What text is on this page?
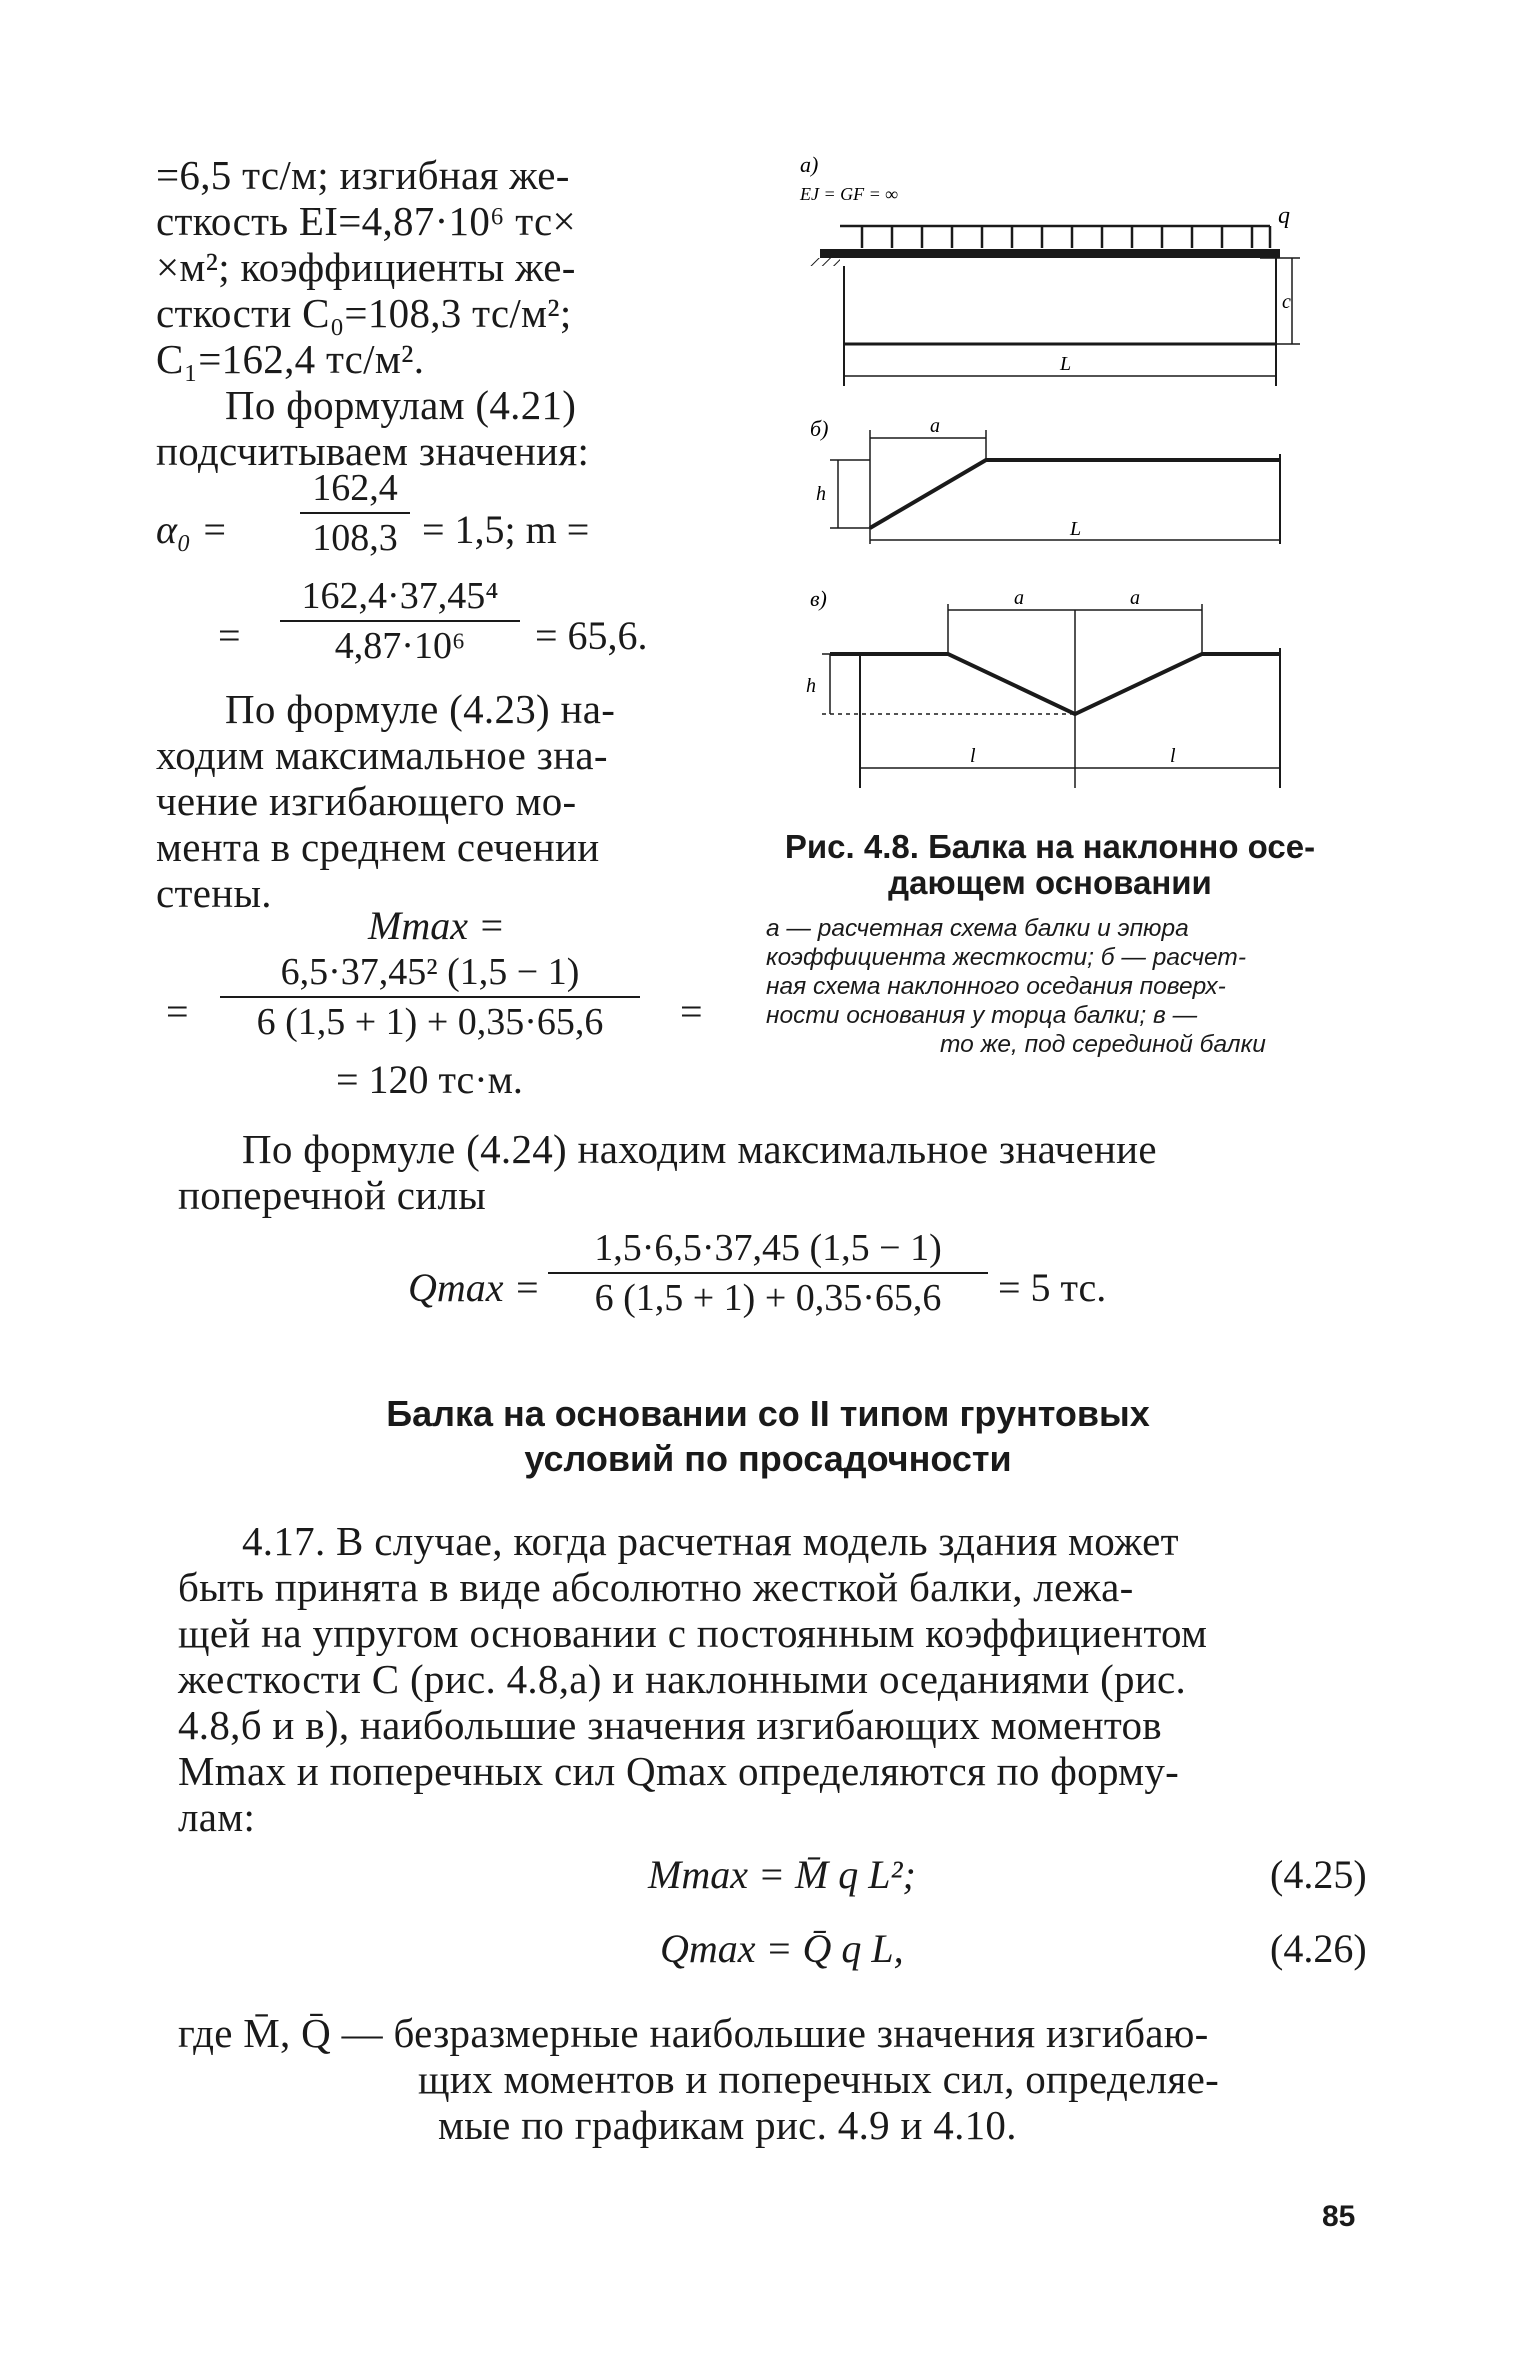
=6,5 тс/м; изгибная же-
сткость EI=4,87·10⁶ тс×
×м²; коэффициенты же-
сткости C₀=108,3 тс/м²;
C₁=162,4 тс/м².
По формулам (4.21)
подсчитываем значения:
α₀ =
162,4
108,3 = 1,5; m =
=
162,4·37,45⁴
4,87·10⁶	= 65,6.
По формуле (4.23) на-
ходим максимальное зна-
чение изгибающего мо-
мента в среднем сечении
стены.
Mmax =
=
6,5·37,45² (1,5 − 1)
6 (1,5 + 1) + 0,35·65,6	=
= 120 тс·м.
a)
EJ = GF = ∞
q
c
L
б)	a
h
L
в)	a	a
h
l	l
Рис. 4.8. Балка на наклонно осе-
дающем основании
a — расчетная схема балки и эпюра
коэффициента жесткости; б — расчет-
ная схема наклонного оседания поверх-
ности основания у торца балки; в —
то же, под серединой балки
По формуле (4.24) находим максимальное значение
поперечной силы
Qmax =
1,5·6,5·37,45 (1,5 − 1)
6 (1,5 + 1) + 0,35·65,6	= 5 тс.
Балка на основании со II типом грунтовых
условий по просадочности
4.17. В случае, когда расчетная модель здания может
быть принята в виде абсолютно жесткой балки, лежа-
щей на упругом основании с постоянным коэффициентом
жесткости C (рис. 4.8,а) и наклонными оседаниями (рис.
4.8,б и в), наибольшие значения изгибающих моментов
Mmax и поперечных сил Qmax определяются по форму-
лам:
Mmax = M̄ q L²;	(4.25)
Qmax = Q̄ q L,	(4.26)
где M̄, Q̄ — безразмерные наибольшие значения изгибаю-
щих моментов и поперечных сил, определяе-
мые по графикам рис. 4.9 и 4.10.
85
